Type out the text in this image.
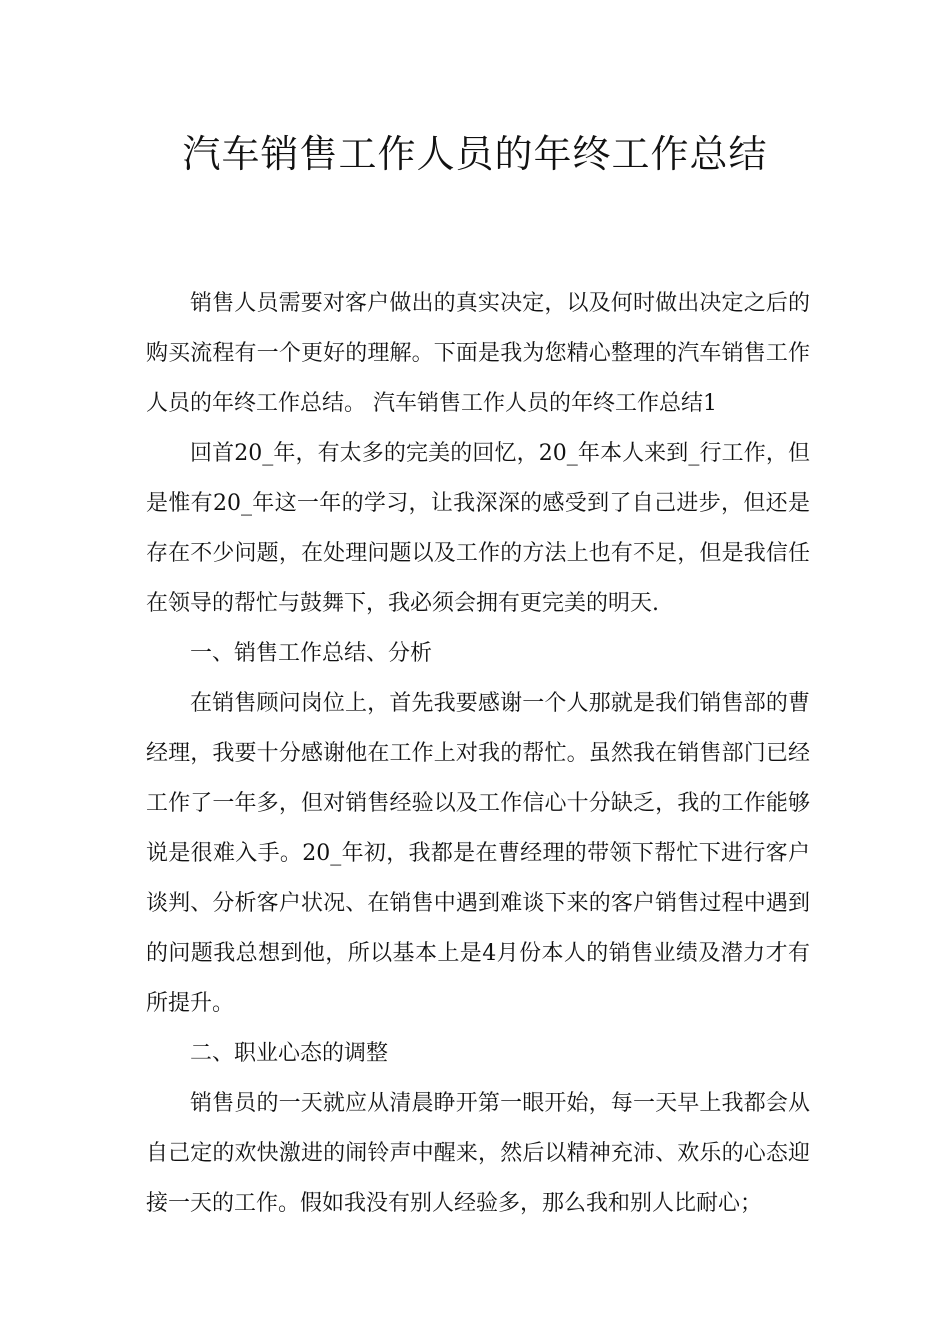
汽车销售工作人员的年终工作总结

销售人员需要对客户做出的真实决定，以及何时做出决定之后的购买流程有一个更好的理解。下面是我为您精心整理的汽车销售工作人员的年终工作总结。 汽车销售工作人员的年终工作总结1

回首20_年，有太多的完美的回忆，20_年本人来到_行工作，但是惟有20_年这一年的学习，让我深深的感受到了自己进步，但还是存在不少问题，在处理问题以及工作的方法上也有不足，但是我信任在领导的帮忙与鼓舞下，我必须会拥有更完美的明天.

一、销售工作总结、分析

在销售顾问岗位上，首先我要感谢一个人那就是我们销售部的曹经理，我要十分感谢他在工作上对我的帮忙。虽然我在销售部门已经工作了一年多，但对销售经验以及工作信心十分缺乏，我的工作能够说是很难入手。20_年初，我都是在曹经理的带领下帮忙下进行客户谈判、分析客户状况、在销售中遇到难谈下来的客户销售过程中遇到的问题我总想到他，所以基本上是4月份本人的销售业绩及潜力才有所提升。

二、职业心态的调整

销售员的一天就应从清晨睁开第一眼开始，每一天早上我都会从自己定的欢快激进的闹铃声中醒来，然后以精神充沛、欢乐的心态迎接一天的工作。假如我没有别人经验多，那么我和别人比耐心；
